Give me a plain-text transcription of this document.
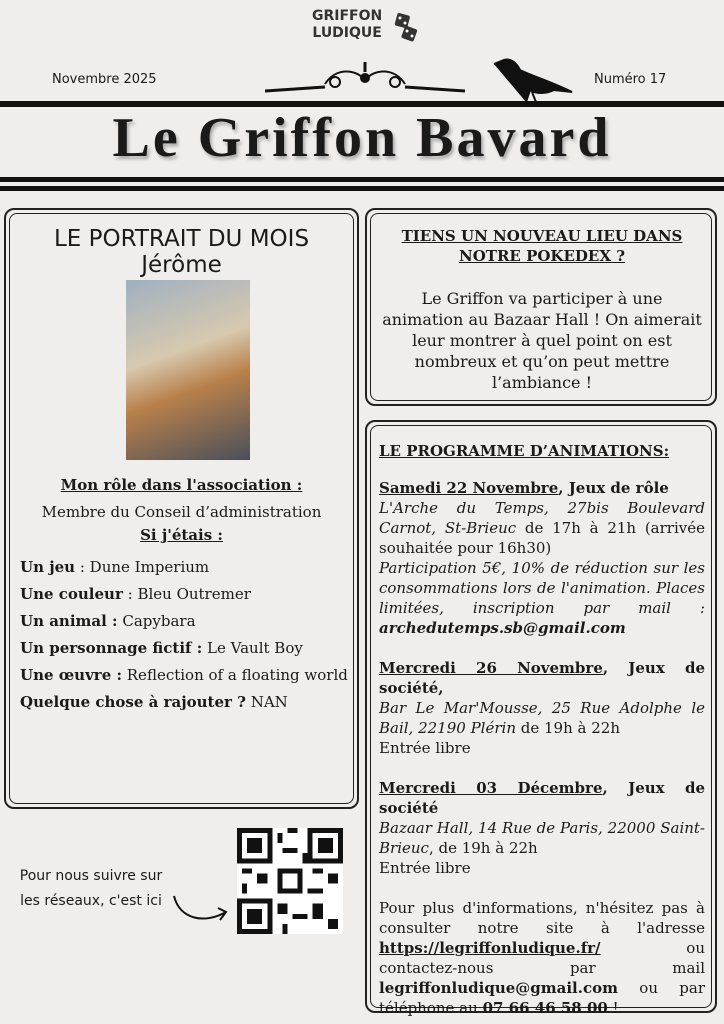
GRIFFON
LUDIQUE
Novembre 2025	Numéro 17
Le Griffon Bavard
LE PORTRAIT DU MOIS
Jérôme
Mon rôle dans l'association :
Membre du Conseil d’administration
Si j'étais :
Un jeu : Dune Imperium
Une couleur : Bleu Outremer
Un animal : Capybara
Un personnage fictif : Le Vault Boy
Une œuvre : Reflection of a floating world
Quelque chose à rajouter ? NAN
TIENS UN NOUVEAU LIEU DANS NOTRE POKEDEX ?
Le Griffon va participer à une animation au Bazaar Hall ! On aimerait leur montrer à quel point on est nombreux et qu’on peut mettre l’ambiance !
LE PROGRAMME D’ANIMATIONS:
Samedi 22 Novembre, Jeux de rôle
L'Arche du Temps, 27bis Boulevard Carnot, St-Brieuc de 17h à 21h (arrivée souhaitée pour 16h30)
Participation 5€, 10% de réduction sur les consommations lors de l'animation. Places limitées, inscription par mail : archedutemps.sb@gmail.com
Mercredi 26 Novembre, Jeux de société,
Bar Le Mar'Mousse, 25 Rue Adolphe le Bail, 22190 Plérin de 19h à 22h
Entrée libre
Mercredi 03 Décembre, Jeux de société
Bazaar Hall, 14 Rue de Paris, 22000 Saint-Brieuc, de 19h à 22h
Entrée libre
Pour plus d'informations, n'hésitez pas à consulter notre site à l'adresse https://legriffonludique.fr/ ou contactez-nous par mail legriffonludique@gmail.com ou par téléphone au 07 66 46 58 00 !
Pour nous suivre sur les réseaux, c'est ici
